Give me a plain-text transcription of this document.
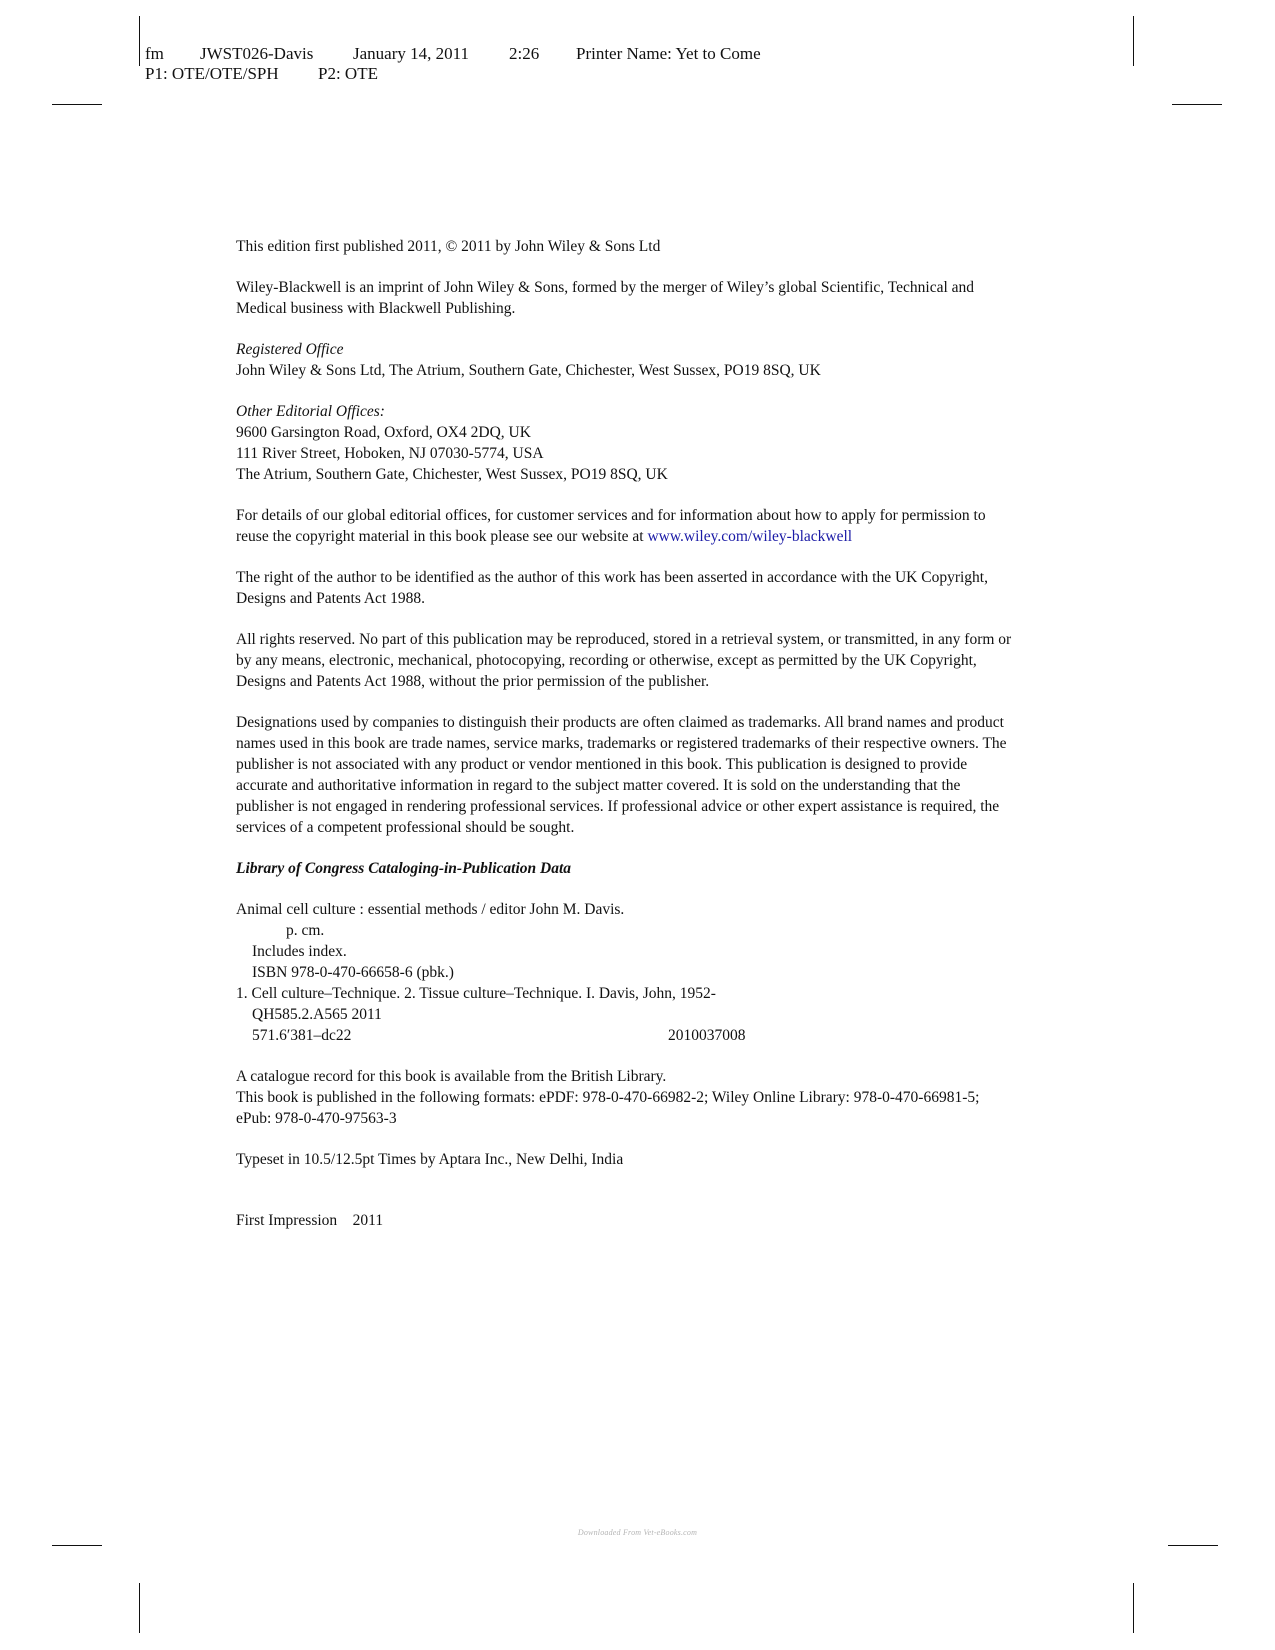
fm JWST026-Davis January 14, 2011 2:26 Printer Name: Yet to Come
P1: OTE/OTE/SPH P2: OTE

This edition first published 2011, © 2011 by John Wiley & Sons Ltd

Wiley-Blackwell is an imprint of John Wiley & Sons, formed by the merger of Wiley’s global Scientific, Technical and Medical business with Blackwell Publishing.

Registered Office

John Wiley & Sons Ltd, The Atrium, Southern Gate, Chichester, West Sussex, PO19 8SQ, UK

Other Editorial Offices:

9600 Garsington Road, Oxford, OX4 2DQ, UK

111 River Street, Hoboken, NJ 07030-5774, USA

The Atrium, Southern Gate, Chichester, West Sussex, PO19 8SQ, UK

For details of our global editorial offices, for customer services and for information about how to apply for permission to reuse the copyright material in this book please see our website at www.wiley.com/wiley-blackwell

The right of the author to be identified as the author of this work has been asserted in accordance with the UK Copyright, Designs and Patents Act 1988.

All rights reserved. No part of this publication may be reproduced, stored in a retrieval system, or transmitted, in any form or by any means, electronic, mechanical, photocopying, recording or otherwise, except as permitted by the UK Copyright, Designs and Patents Act 1988, without the prior permission of the publisher.

Designations used by companies to distinguish their products are often claimed as trademarks. All brand names and product names used in this book are trade names, service marks, trademarks or registered trademarks of their respective owners. The publisher is not associated with any product or vendor mentioned in this book. This publication is designed to provide accurate and authoritative information in regard to the subject matter covered. It is sold on the understanding that the publisher is not engaged in rendering professional services. If professional advice or other expert assistance is required, the services of a competent professional should be sought.

Library of Congress Cataloging-in-Publication Data

Animal cell culture : essential methods / editor John M. Davis.
p. cm.
Includes index.
ISBN 978-0-470-66658-6 (pbk.)
1. Cell culture–Technique. 2. Tissue culture–Technique. I. Davis, John, 1952-
QH585.2.A565 2011
571.6′381–dc22	2010037008

A catalogue record for this book is available from the British Library.

This book is published in the following formats: ePDF: 978-0-470-66982-2; Wiley Online Library: 978-0-470-66981-5; ePub: 978-0-470-97563-3

Typeset in 10.5/12.5pt Times by Aptara Inc., New Delhi, India

First Impression    2011

Downloaded From Vet-eBooks.com
